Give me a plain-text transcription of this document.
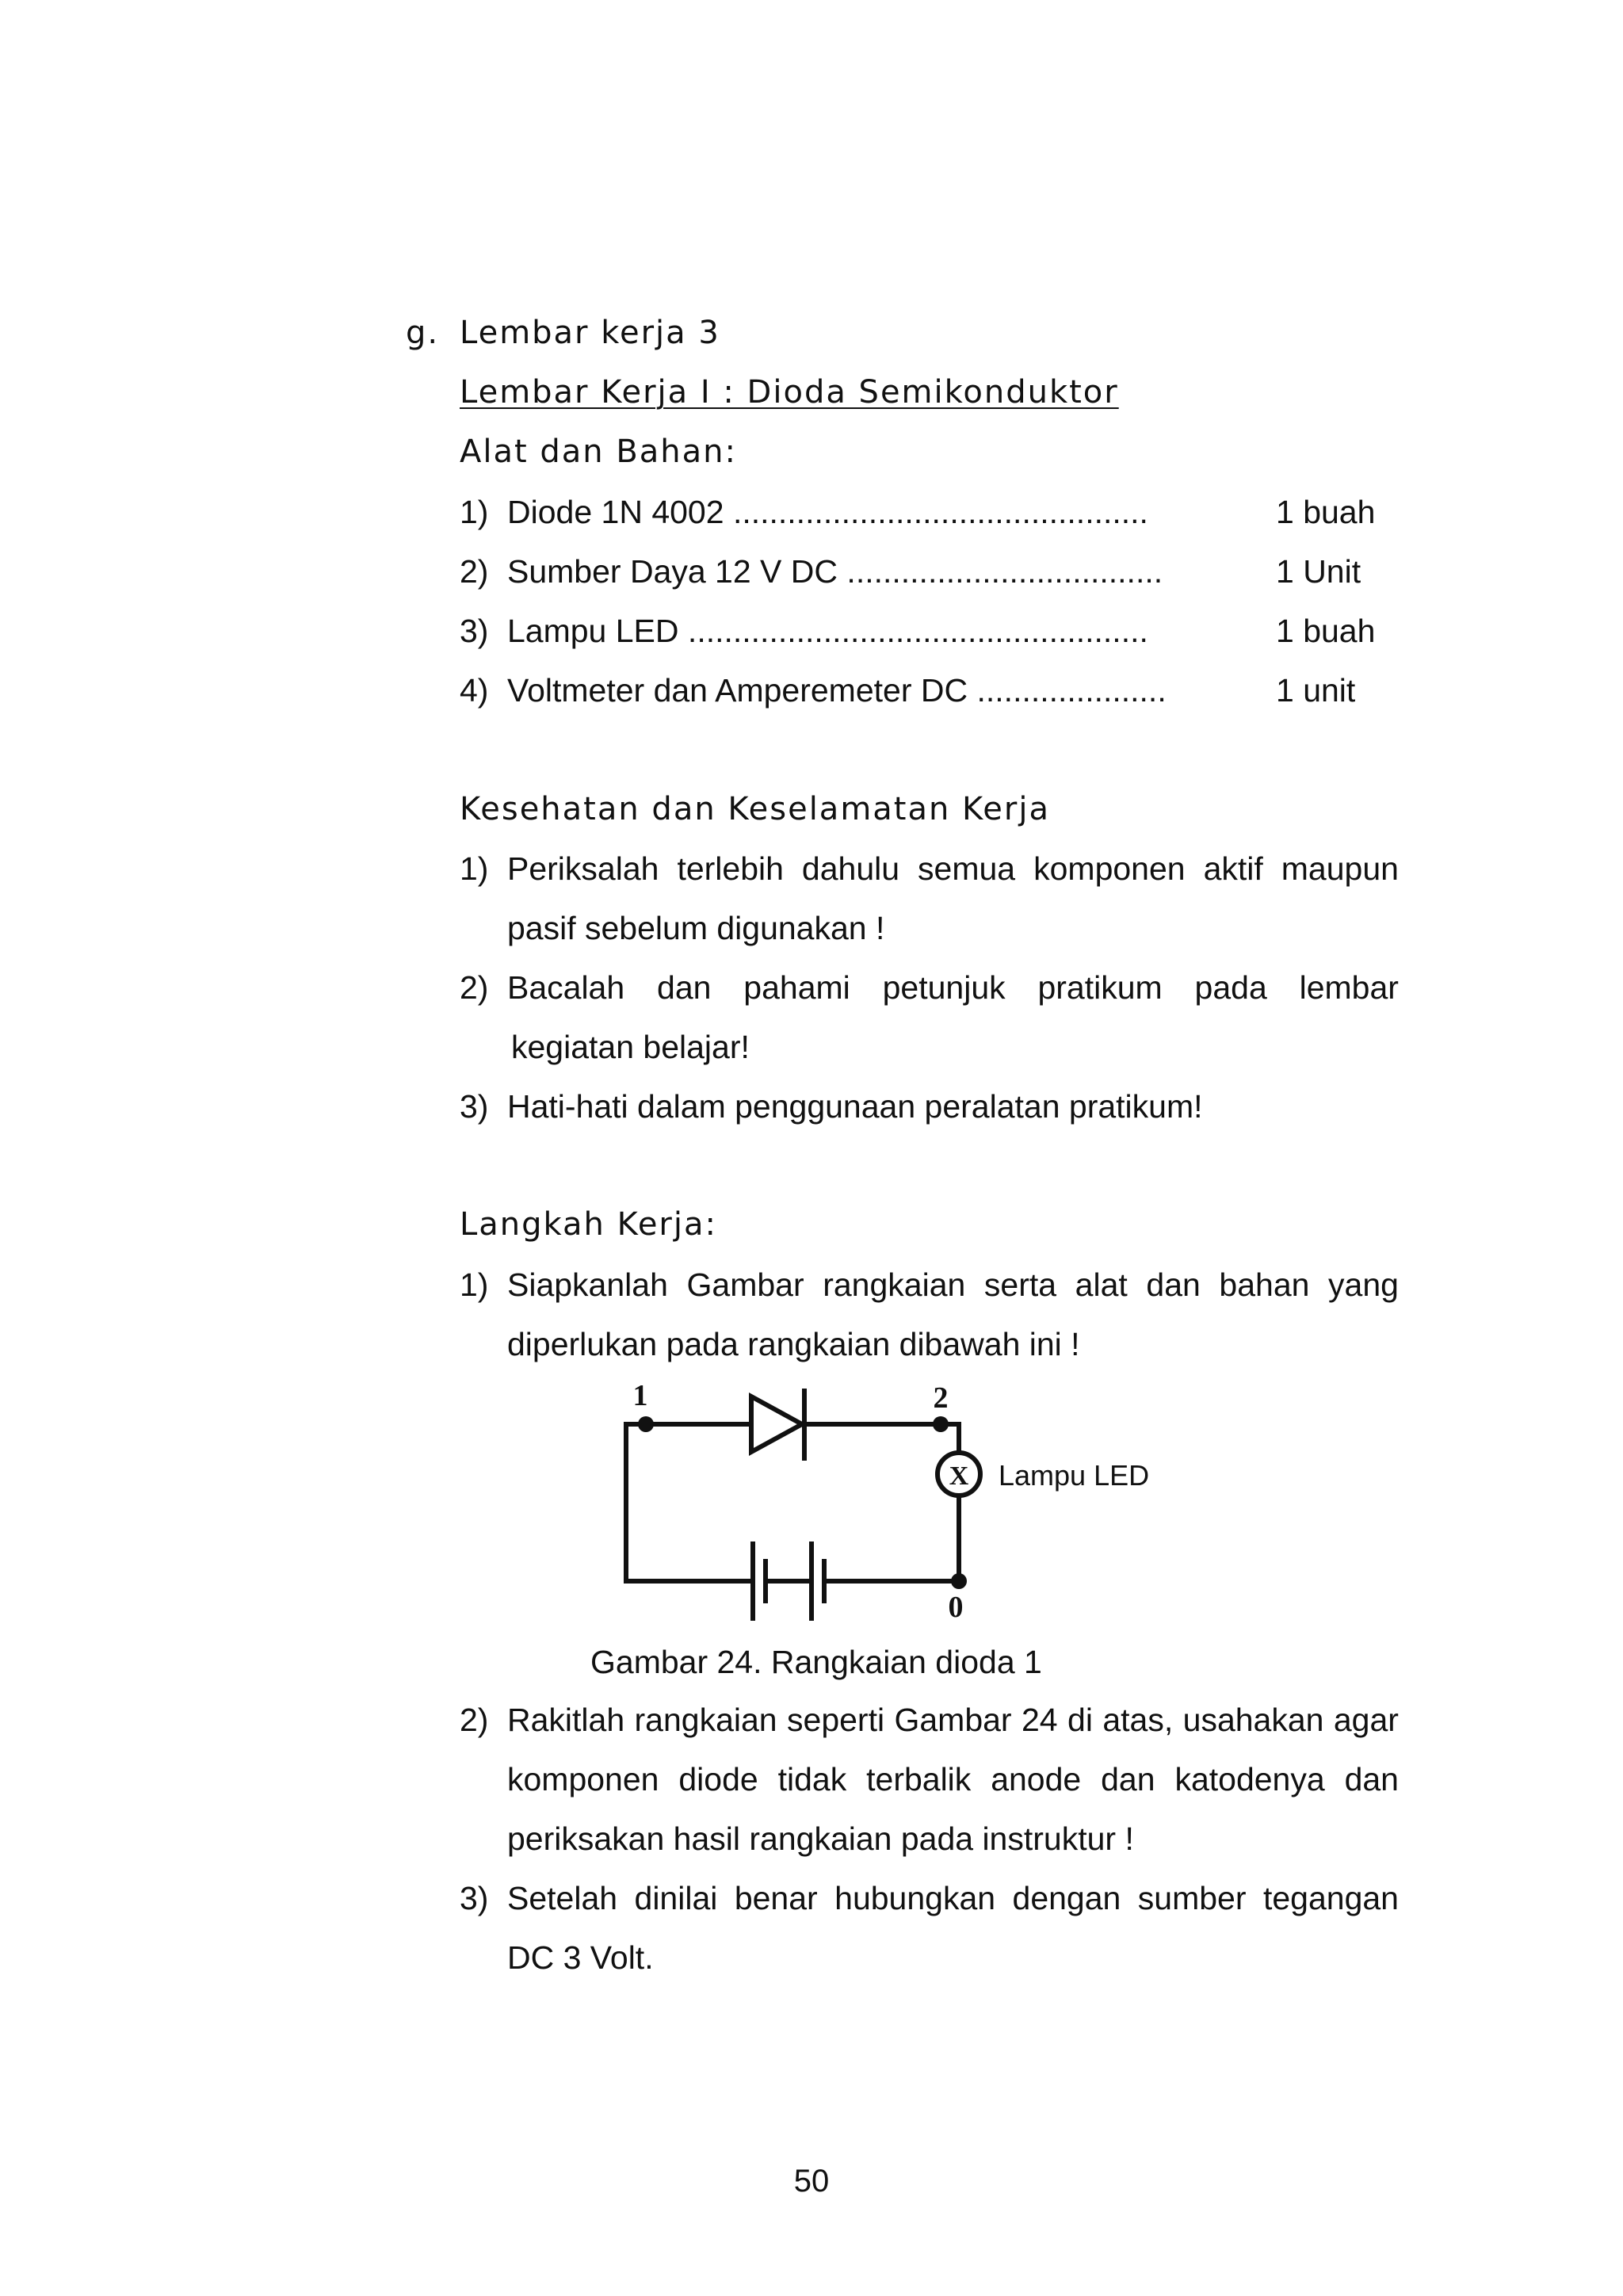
g. Lembar kerja 3
Lembar Kerja I : Dioda Semikonduktor
Alat dan Bahan:
1) Diode 1N 4002 ..............................................	1 buah
2) Sumber Daya 12 V DC ...................................	1 Unit
3) Lampu LED ...................................................	1 buah
4) Voltmeter dan Amperemeter DC .....................	1 unit
Kesehatan dan Keselamatan Kerja
1) Periksalah terlebih dahulu semua komponen aktif maupun
pasif sebelum digunakan !
2) Bacalah dan pahami petunjuk pratikum pada lembar
kegiatan belajar!
3) Hati-hati dalam penggunaan peralatan pratikum!
Langkah Kerja:
1) Siapkanlah Gambar rangkaian serta alat dan bahan yang
diperlukan pada rangkaian dibawah ini !
X
1	2
0
Lampu LED
Gambar 24. Rangkaian dioda 1
2) Rakitlah rangkaian seperti Gambar 24 di atas, usahakan agar
komponen diode tidak terbalik anode dan katodenya dan
periksakan hasil rangkaian pada instruktur !
3) Setelah dinilai benar hubungkan dengan sumber tegangan
DC 3 Volt.
50
